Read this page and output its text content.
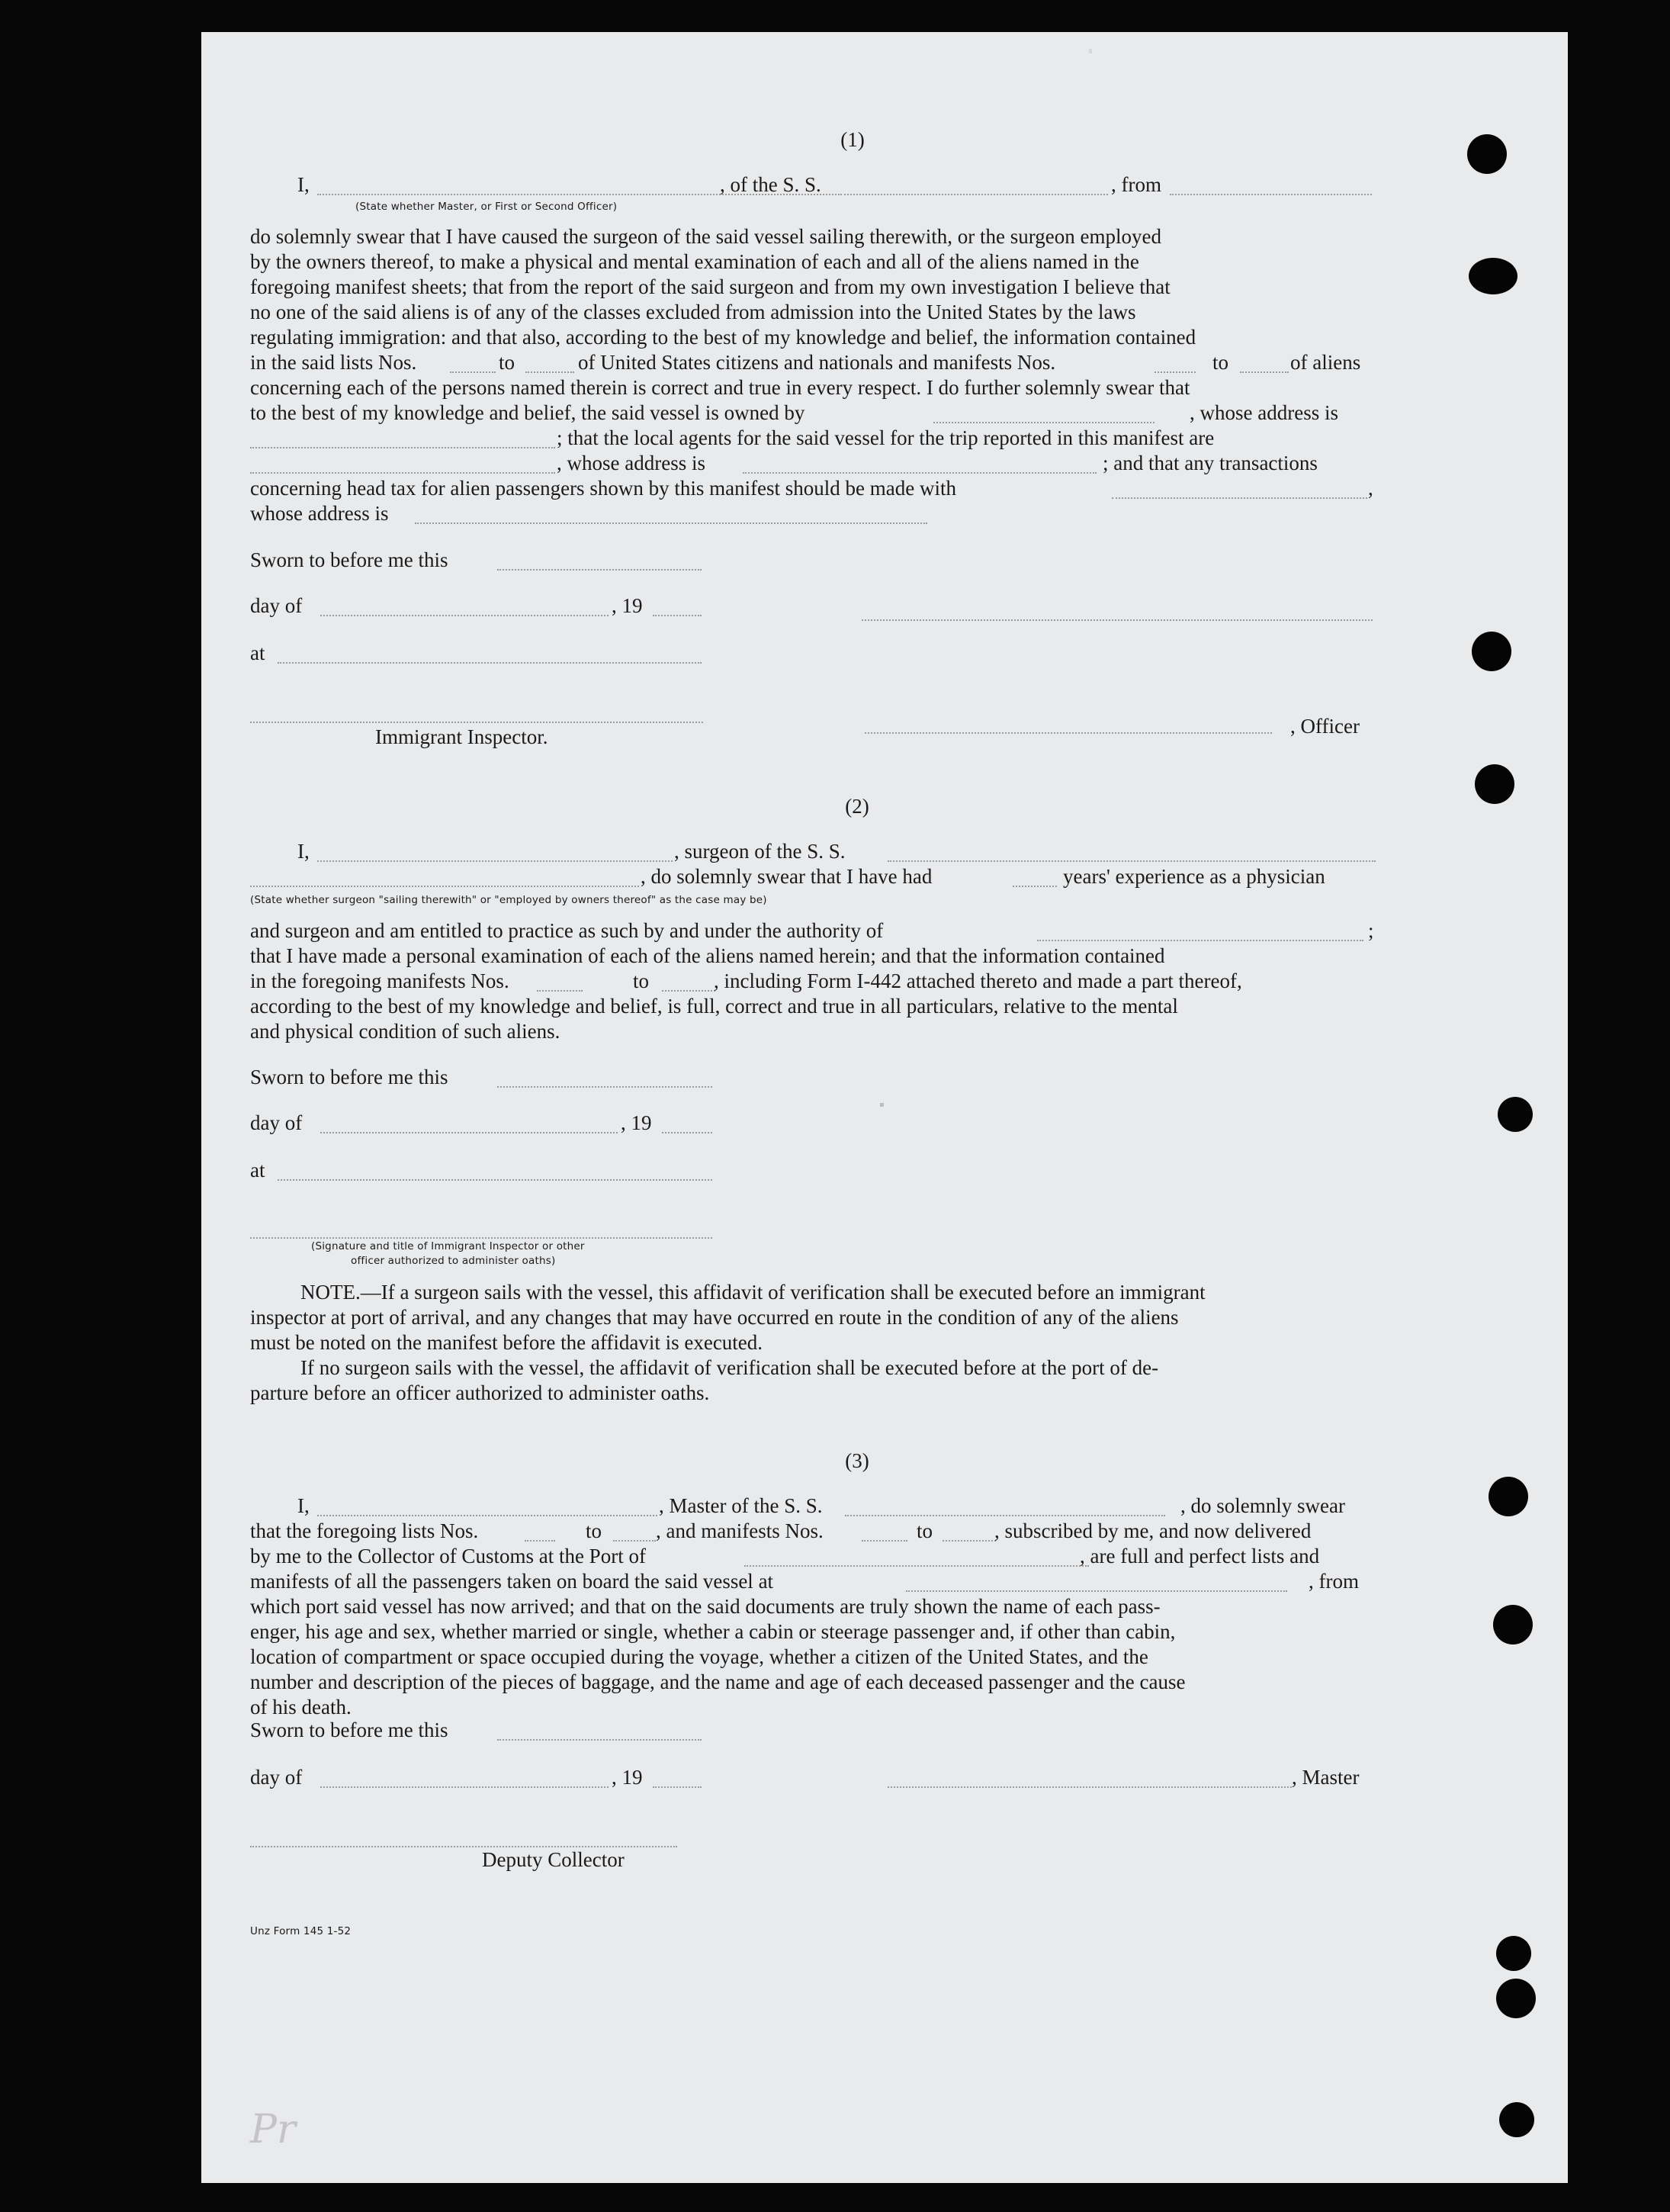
(1)
I,	, of the S. S.	, from
(State whether Master, or First or Second Officer)
do solemnly swear that I have caused the surgeon of the said vessel sailing therewith, or the surgeon employed
by the owners thereof, to make a physical and mental examination of each and all of the aliens named in the
foregoing manifest sheets; that from the report of the said surgeon and from my own investigation I believe that
no one of the said aliens is of any of the classes excluded from admission into the United States by the laws
regulating immigration: and that also, according to the best of my knowledge and belief, the information contained
in the said lists Nos.	to	of United States citizens and nationals and manifests Nos.	to	of aliens
concerning each of the persons named therein is correct and true in every respect. I do further solemnly swear that
to the best of my knowledge and belief, the said vessel is owned by	, whose address is
; that the local agents for the said vessel for the trip reported in this manifest are
, whose address is	; and that any transactions
concerning head tax for alien passengers shown by this manifest should be made with	,
whose address is
Sworn to before me this
day of	, 19
at
Immigrant Inspector.	, Officer
(2)
I,	, surgeon of the S. S.
, do solemnly swear that I have had	years' experience as a physician
(State whether surgeon "sailing therewith" or "employed by owners thereof" as the case may be)
and surgeon and am entitled to practice as such by and under the authority of	;
that I have made a personal examination of each of the aliens named herein; and that the information contained
in the foregoing manifests Nos.	to	, including Form I-442 attached thereto and made a part thereof,
according to the best of my knowledge and belief, is full, correct and true in all particulars, relative to the mental
and physical condition of such aliens.
Sworn to before me this
day of	, 19
at
(Signature and title of Immigrant Inspector or other
officer authorized to administer oaths)
NOTE.—If a surgeon sails with the vessel, this affidavit of verification shall be executed before an immigrant
inspector at port of arrival, and any changes that may have occurred en route in the condition of any of the aliens
must be noted on the manifest before the affidavit is executed.
If no surgeon sails with the vessel, the affidavit of verification shall be executed before at the port of de-
parture before an officer authorized to administer oaths.
(3)
I,	, Master of the S. S.	, do solemnly swear
that the foregoing lists Nos.	to	, and manifests Nos.	to	, subscribed by me, and now delivered
by me to the Collector of Customs at the Port of	, are full and perfect lists and
manifests of all the passengers taken on board the said vessel at	, from
which port said vessel has now arrived; and that on the said documents are truly shown the name of each pass-
enger, his age and sex, whether married or single, whether a cabin or steerage passenger and, if other than cabin,
location of compartment or space occupied during the voyage, whether a citizen of the United States, and the
number and description of the pieces of baggage, and the name and age of each deceased passenger and the cause
of his death.
Sworn to before me this
day of	, 19	, Master
Deputy Collector
Unz Form 145 1-52
Pr
